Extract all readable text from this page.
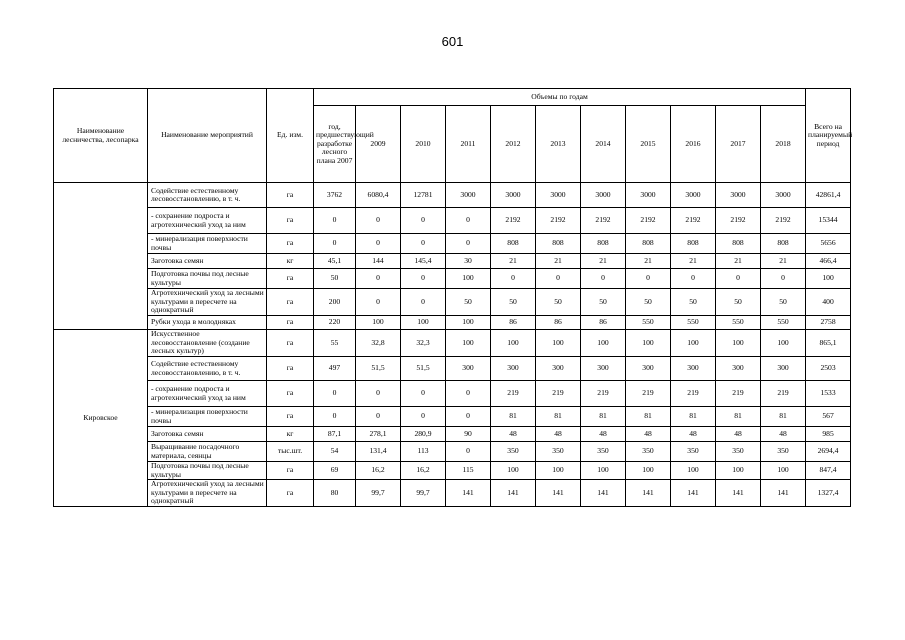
601
Наименование лесничества, лесопарка	Наименование мероприятий	Ед. изм.	Объемы по годам											Всего на планируемый период
			год, предшествующий разработке лесного плана 2007	2009	2010	2011	2012	2013	2014	2015	2016	2017	2018	
	Содействие естественному лесовосстановлению, в т. ч.	га	3762	6080,4	12781	3000	3000	3000	3000	3000	3000	3000	3000	42861,4
	- сохранение подроста и агротехнический уход за ним	га	0	0	0	0	2192	2192	2192	2192	2192	2192	2192	15344
	- минерализация поверхности почвы	га	0	0	0	0	808	808	808	808	808	808	808	5656
	Заготовка семян	кг	45,1	144	145,4	30	21	21	21	21	21	21	21	466,4
	Подготовка почвы под лесные культуры	га	50	0	0	100	0	0	0	0	0	0	0	100
	Агротехнический уход за лесными культурами в пересчете на однократный	га	200	0	0	50	50	50	50	50	50	50	50	400
	Рубки ухода в молодняках	га	220	100	100	100	86	86	86	550	550	550	550	2758
Кировское	Искусственное лесовосстановление (создание лесных культур)	га	55	32,8	32,3	100	100	100	100	100	100	100	100	865,1
	Содействие естественному лесовосстановлению, в т. ч.	га	497	51,5	51,5	300	300	300	300	300	300	300	300	2503
	- сохранение подроста и агротехнический уход за ним	га	0	0	0	0	219	219	219	219	219	219	219	1533
	- минерализация поверхности почвы	га	0	0	0	0	81	81	81	81	81	81	81	567
	Заготовка семян	кг	87,1	278,1	280,9	90	48	48	48	48	48	48	48	985
	Выращивание посадочного материала, сеянцы	тыс.шт.	54	131,4	113	0	350	350	350	350	350	350	350	2694,4
	Подготовка почвы под лесные культуры	га	69	16,2	16,2	115	100	100	100	100	100	100	100	847,4
	Агротехнический уход за лесными культурами в пересчете на однократный	га	80	99,7	99,7	141	141	141	141	141	141	141	141	1327,4
